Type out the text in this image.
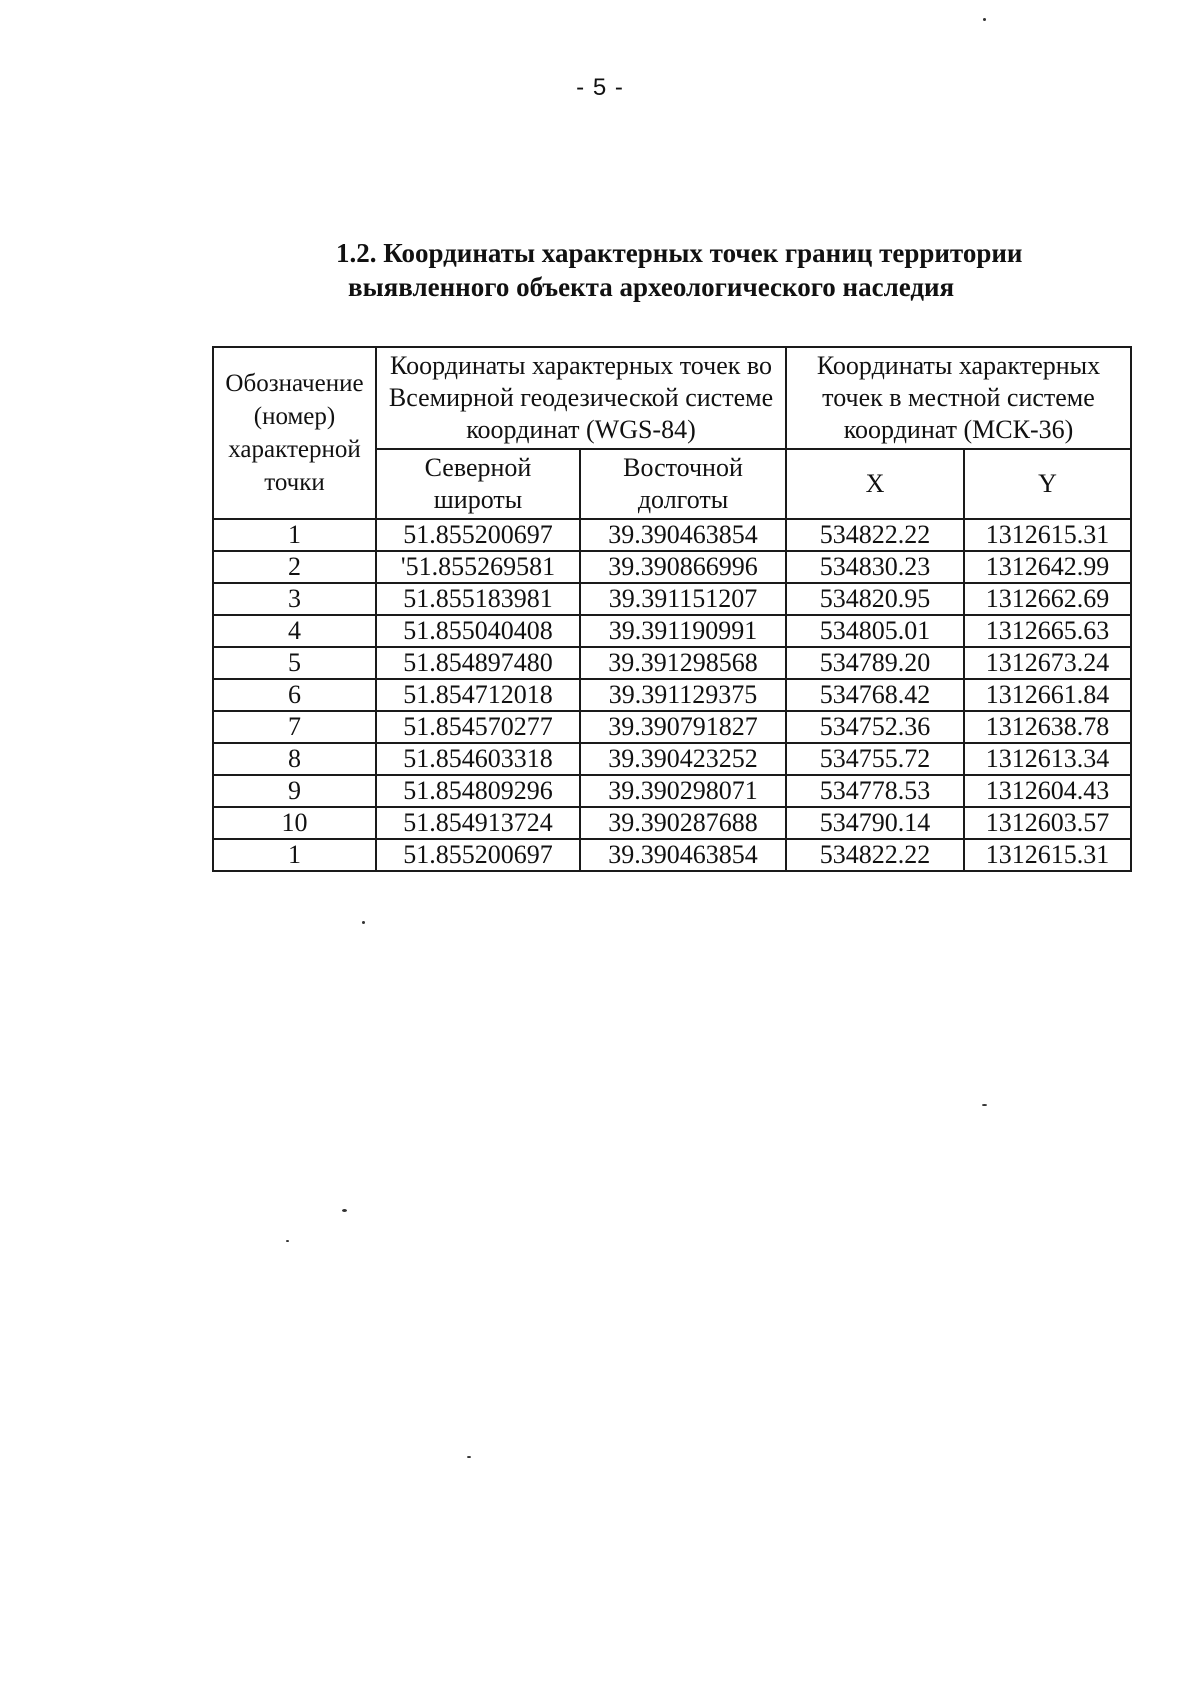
- 5 -
1.2. Координаты характерных точек границ территории
выявленного объекта археологического наследия
Обозначение (номер) характерной точки	Координаты характерных точек во Всемирной геодезической системе координат (WGS-84)		Координаты характерных точек в местной системе координат (МСК-36)	
	Северной широты	Восточной долготы	X	Y
1	51.855200697	39.390463854	534822.22	1312615.31
2	'51.855269581	39.390866996	534830.23	1312642.99
3	51.855183981	39.391151207	534820.95	1312662.69
4	51.855040408	39.391190991	534805.01	1312665.63
5	51.854897480	39.391298568	534789.20	1312673.24
6	51.854712018	39.391129375	534768.42	1312661.84
7	51.854570277	39.390791827	534752.36	1312638.78
8	51.854603318	39.390423252	534755.72	1312613.34
9	51.854809296	39.390298071	534778.53	1312604.43
10	51.854913724	39.390287688	534790.14	1312603.57
1	51.855200697	39.390463854	534822.22	1312615.31
